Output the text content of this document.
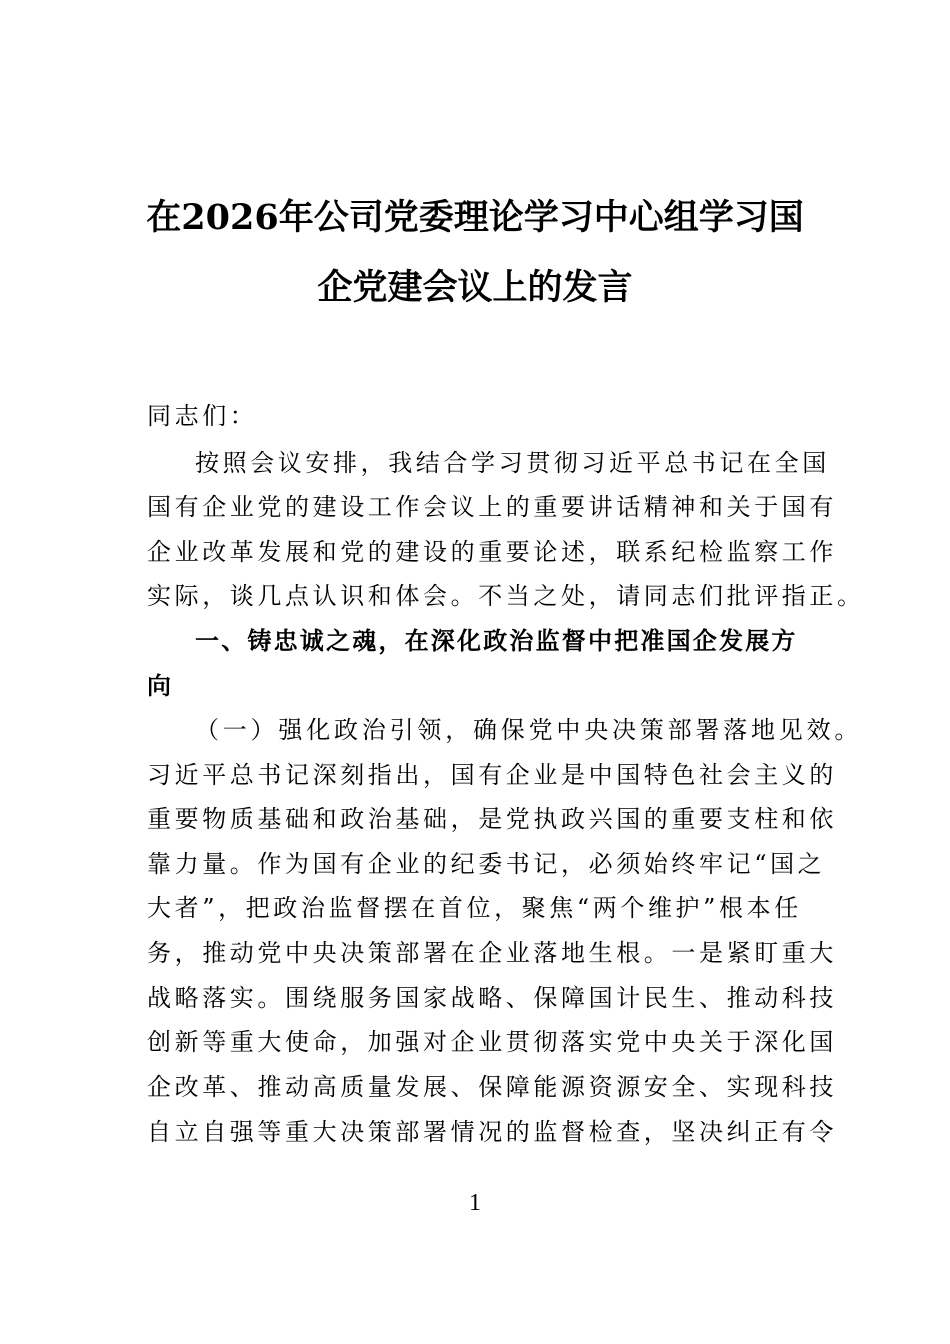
在2026年公司党委理论学习中心组学习国
企党建会议上的发言
同志们：
按照会议安排，我结合学习贯彻习近平总书记在全国
国有企业党的建设工作会议上的重要讲话精神和关于国有
企业改革发展和党的建设的重要论述，联系纪检监察工作
实际，谈几点认识和体会。不当之处，请同志们批评指正。
一、铸忠诚之魂，在深化政治监督中把准国企发展方
向
（一）强化政治引领，确保党中央决策部署落地见效。
习近平总书记深刻指出，国有企业是中国特色社会主义的
重要物质基础和政治基础，是党执政兴国的重要支柱和依
靠力量。作为国有企业的纪委书记，必须始终牢记“国之
大者”，把政治监督摆在首位，聚焦“两个维护”根本任
务，推动党中央决策部署在企业落地生根。一是紧盯重大
战略落实。围绕服务国家战略、保障国计民生、推动科技
创新等重大使命，加强对企业贯彻落实党中央关于深化国
企改革、推动高质量发展、保障能源资源安全、实现科技
自立自强等重大决策部署情况的监督检查，坚决纠正有令
1
